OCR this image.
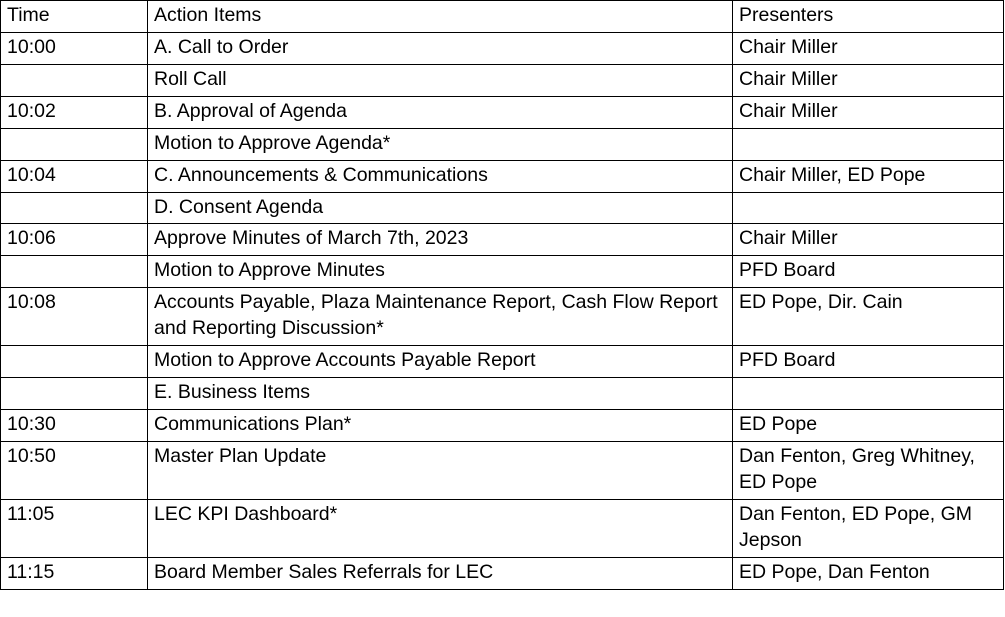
Time	Action Items	Presenters
10:00	A. Call to Order	Chair Miller
	Roll Call	Chair Miller
10:02	B. Approval of Agenda	Chair Miller
	Motion to Approve Agenda*	
10:04	C. Announcements & Communications	Chair Miller, ED Pope
	D. Consent Agenda	
10:06	Approve Minutes of March 7th, 2023	Chair Miller
	Motion to Approve Minutes	PFD Board
10:08	Accounts Payable, Plaza Maintenance Report, Cash Flow Report and Reporting Discussion*	ED Pope, Dir. Cain
	Motion to Approve Accounts Payable Report	PFD Board
	E. Business Items	
10:30	Communications Plan*	ED Pope
10:50	Master Plan Update	Dan Fenton, Greg Whitney, ED Pope
11:05	LEC KPI Dashboard*	Dan Fenton, ED Pope, GM Jepson
11:15	Board Member Sales Referrals for LEC	ED Pope, Dan Fenton
